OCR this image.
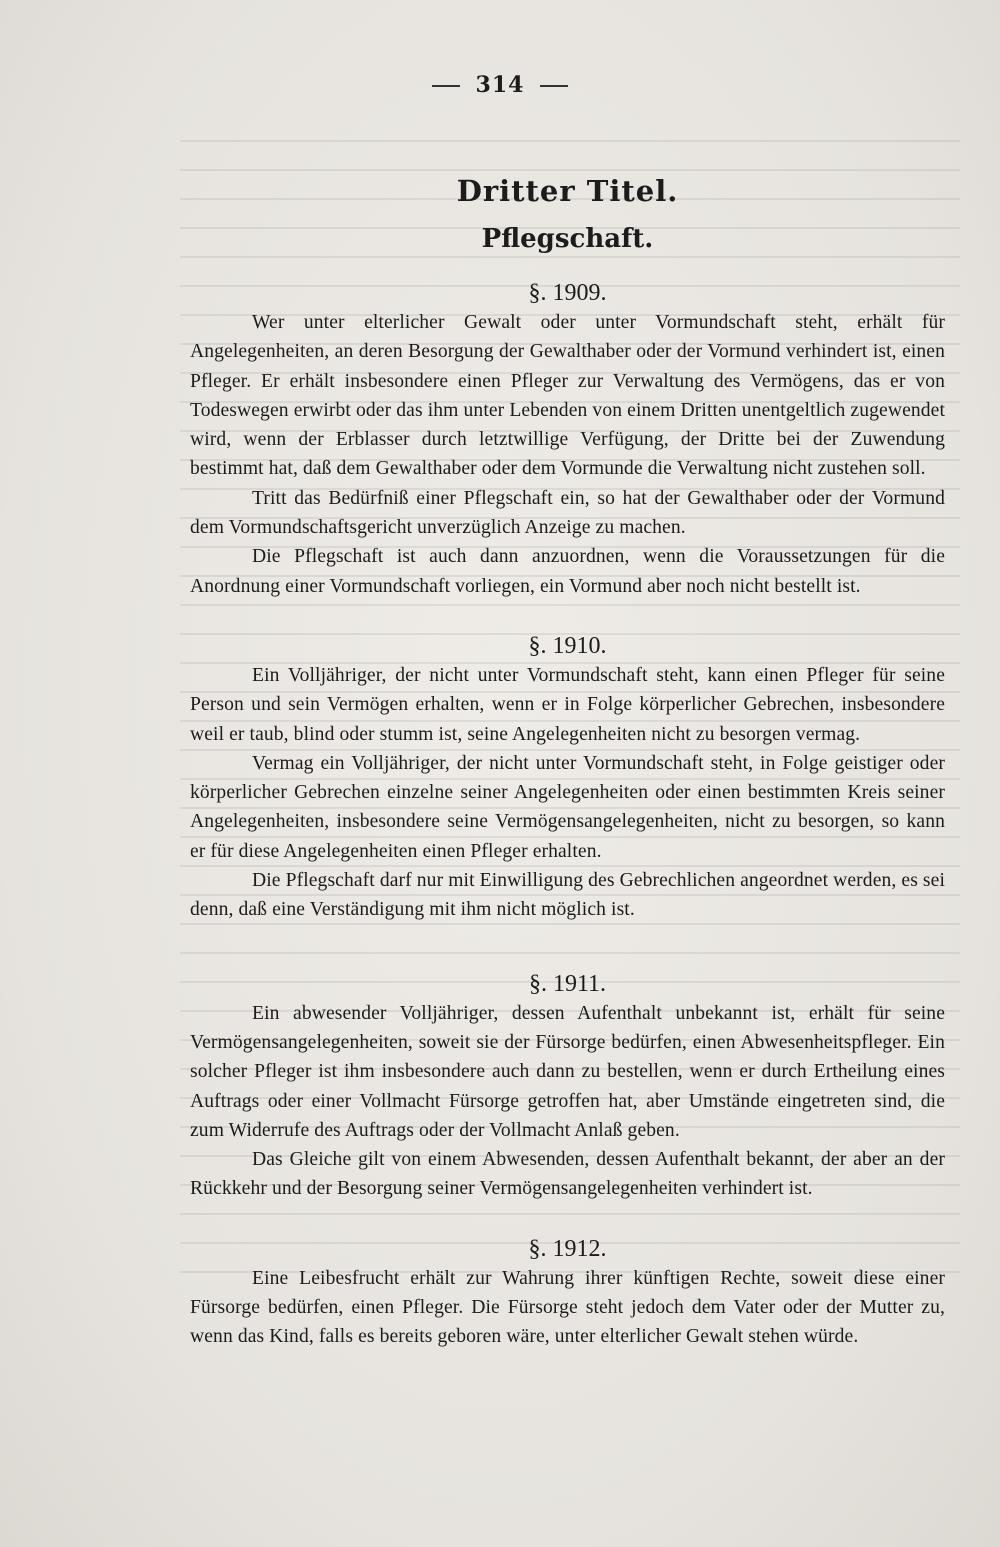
314
Dritter Titel.
Pflegschaft.
§. 1909.

Wer unter elterlicher Gewalt oder unter Vormundschaft steht, erhält für Angelegenheiten, an deren Besorgung der Gewalthaber oder der Vormund verhindert ist, einen Pfleger. Er erhält insbesondere einen Pfleger zur Verwaltung des Vermögens, das er von Todeswegen erwirbt oder das ihm unter Lebenden von einem Dritten unentgeltlich zugewendet wird, wenn der Erblasser durch letztwillige Verfügung, der Dritte bei der Zuwendung bestimmt hat, daß dem Gewalthaber oder dem Vormunde die Verwaltung nicht zustehen soll.

Tritt das Bedürfniß einer Pflegschaft ein, so hat der Gewalthaber oder der Vormund dem Vormundschaftsgericht unverzüglich Anzeige zu machen.

Die Pflegschaft ist auch dann anzuordnen, wenn die Voraussetzungen für die Anordnung einer Vormundschaft vorliegen, ein Vormund aber noch nicht bestellt ist.

§. 1910.

Ein Volljähriger, der nicht unter Vormundschaft steht, kann einen Pfleger für seine Person und sein Vermögen erhalten, wenn er in Folge körperlicher Gebrechen, insbesondere weil er taub, blind oder stumm ist, seine Angelegenheiten nicht zu besorgen vermag.

Vermag ein Volljähriger, der nicht unter Vormundschaft steht, in Folge geistiger oder körperlicher Gebrechen einzelne seiner Angelegenheiten oder einen bestimmten Kreis seiner Angelegenheiten, insbesondere seine Vermögensangelegenheiten, nicht zu besorgen, so kann er für diese Angelegenheiten einen Pfleger erhalten.

Die Pflegschaft darf nur mit Einwilligung des Gebrechlichen angeordnet werden, es sei denn, daß eine Verständigung mit ihm nicht möglich ist.

§. 1911.

Ein abwesender Volljähriger, dessen Aufenthalt unbekannt ist, erhält für seine Vermögensangelegenheiten, soweit sie der Fürsorge bedürfen, einen Abwesenheitspfleger. Ein solcher Pfleger ist ihm insbesondere auch dann zu bestellen, wenn er durch Ertheilung eines Auftrags oder einer Vollmacht Fürsorge getroffen hat, aber Umstände eingetreten sind, die zum Widerrufe des Auftrags oder der Vollmacht Anlaß geben.

Das Gleiche gilt von einem Abwesenden, dessen Aufenthalt bekannt, der aber an der Rückkehr und der Besorgung seiner Vermögensangelegenheiten verhindert ist.

§. 1912.

Eine Leibesfrucht erhält zur Wahrung ihrer künftigen Rechte, soweit diese einer Fürsorge bedürfen, einen Pfleger. Die Fürsorge steht jedoch dem Vater oder der Mutter zu, wenn das Kind, falls es bereits geboren wäre, unter elterlicher Gewalt stehen würde.
